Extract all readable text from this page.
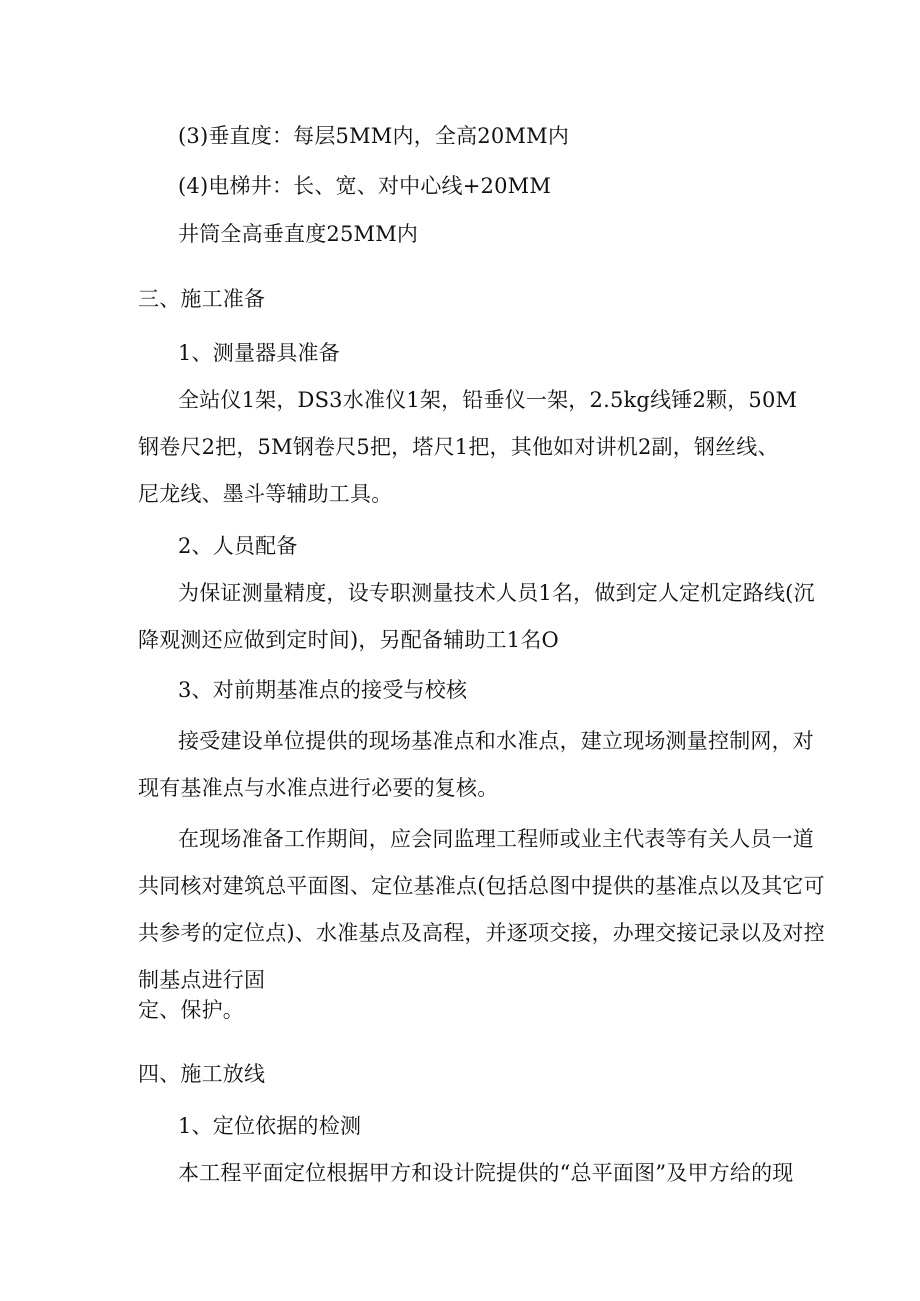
(3)垂直度：每层5MM内，全高20MM内
(4)电梯井：长、宽、对中心线+20MM
井筒全高垂直度25MM内
三、施工准备
1、测量器具准备
全站仪1架，DS3水准仪1架，铅垂仪一架，2.5kg线锤2颗，50M
钢卷尺2把，5M钢卷尺5把，塔尺1把，其他如对讲机2副，钢丝线、
尼龙线、墨斗等辅助工具。
2、人员配备
为保证测量精度，设专职测量技术人员1名，做到定人定机定路线(沉
降观测还应做到定时间)，另配备辅助工1名O
3、对前期基准点的接受与校核
接受建设单位提供的现场基准点和水准点，建立现场测量控制网，对
现有基准点与水准点进行必要的复核。
在现场准备工作期间，应会同监理工程师或业主代表等有关人员一道
共同核对建筑总平面图、定位基准点(包括总图中提供的基准点以及其它可
共参考的定位点)、水准基点及高程，并逐项交接，办理交接记录以及对控
制基点进行固
定、保护。
四、施工放线
1、定位依据的检测
本工程平面定位根据甲方和设计院提供的“总平面图”及甲方给的现
